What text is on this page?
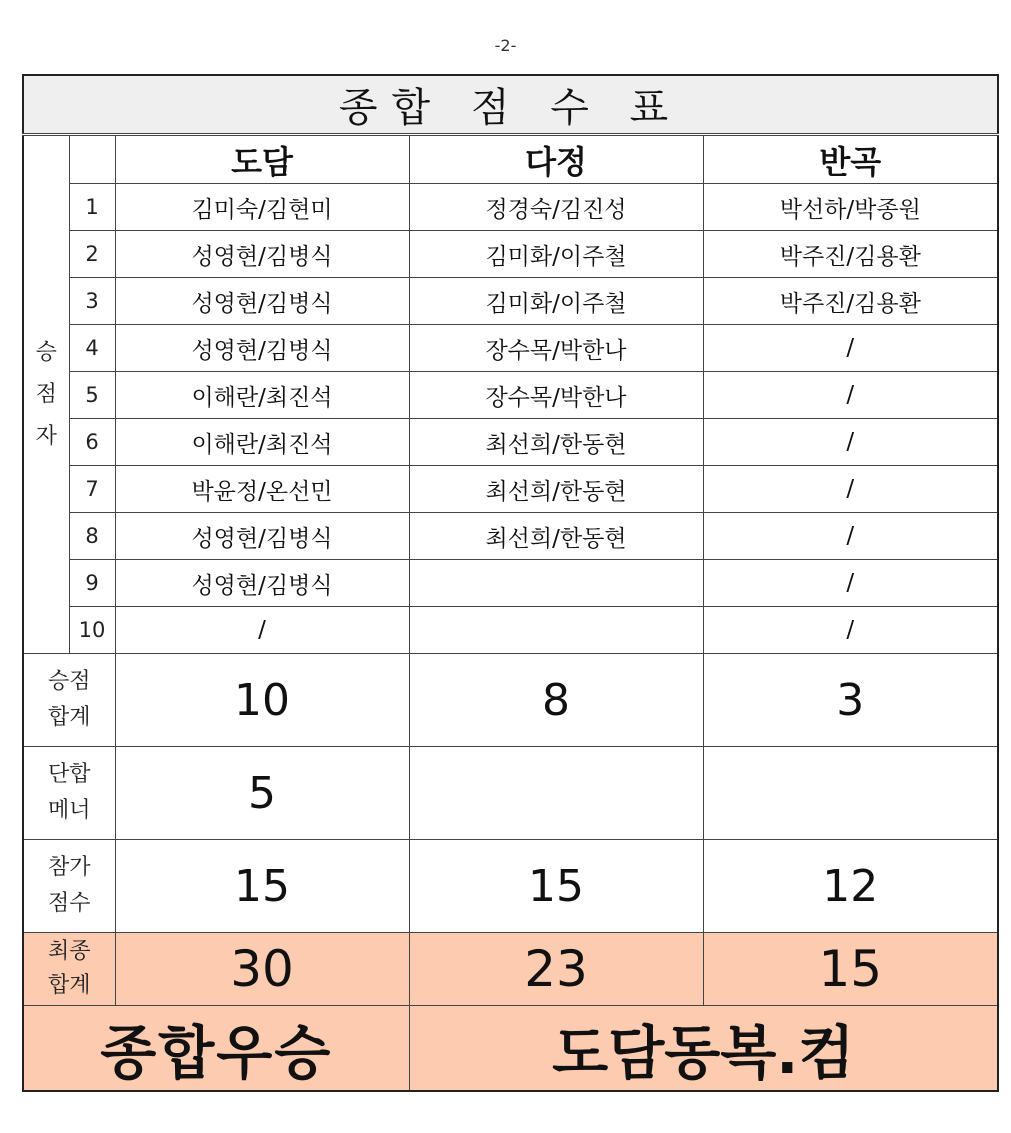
-2-
종합 점 수 표				

승
점
자		도담	다정	반곡
	1	김미숙/김현미	정경숙/김진성	박선하/박종원
	2	성영현/김병식	김미화/이주철	박주진/김용환
	3	성영현/김병식	김미화/이주철	박주진/김용환
	4	성영현/김병식	장수목/박한나	/
	5	이해란/최진석	장수목/박한나	/
	6	이해란/최진석	최선희/한동현	/
	7	박윤정/온선민	최선희/한동현	/
	8	성영현/김병식	최선희/한동현	/
	9	성영현/김병식		/
	10	/		/

승점
합계		10	8	3

단합
메너		5		

참가
점수		15	15	12

최종
합계		30	23	15
종합우승			도담동복.컴	
